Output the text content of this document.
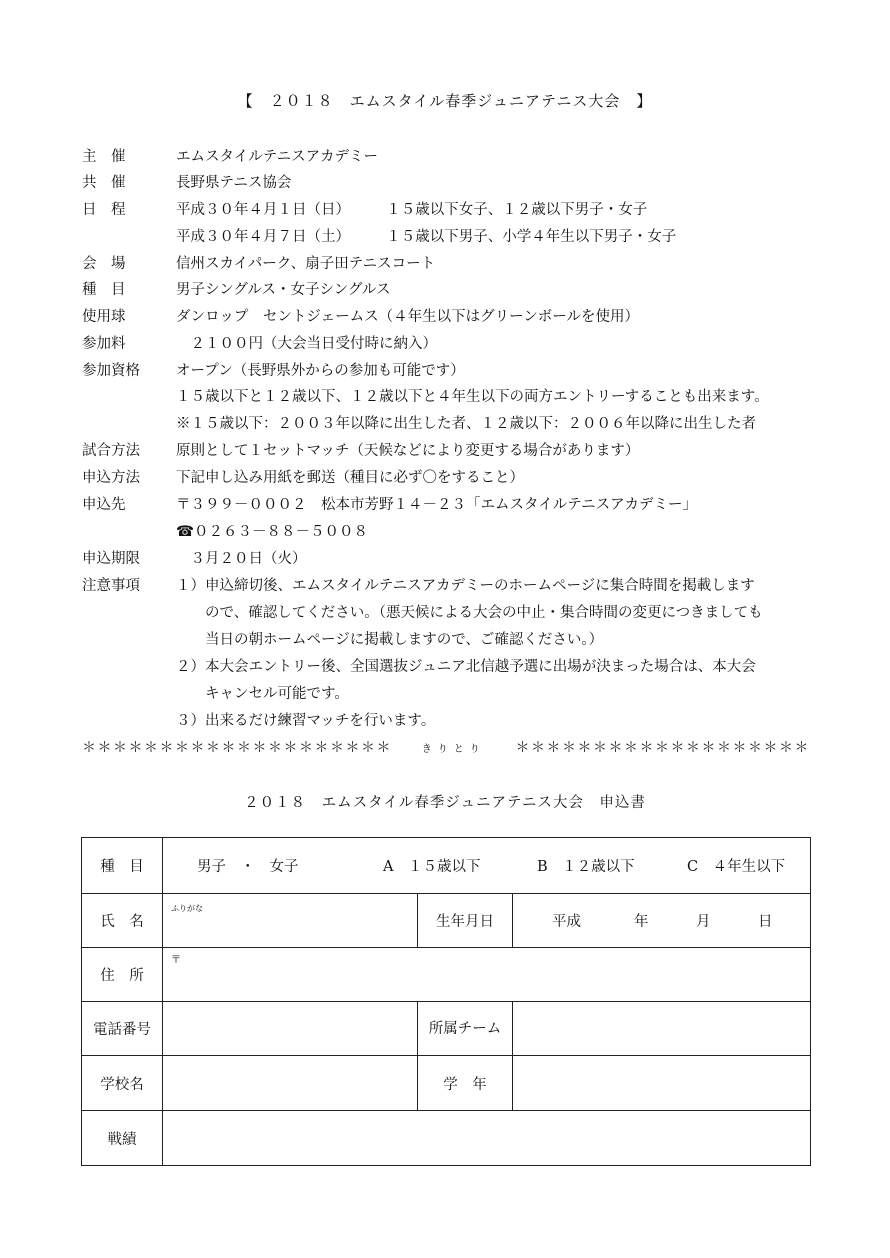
【　２０１８　エムスタイル春季ジュニアテニス大会　】
主　催	エムスタイルテニスアカデミー
共　催	長野県テニス協会
日　程	平成３０年４月１日（日）　　　１５歳以下女子、１２歳以下男子・女子
平成３０年４月７日（土）　　　１５歳以下男子、小学４年生以下男子・女子
会　場	信州スカイパーク、扇子田テニスコート
種　目	男子シングルス・女子シングルス
使用球	ダンロップ　セントジェームス（４年生以下はグリーンボールを使用）
参加料	　２１００円（大会当日受付時に納入）
参加資格 オープン（長野県外からの参加も可能です）
１５歳以下と１２歳以下、１２歳以下と４年生以下の両方エントリーすることも出来ます。
※１５歳以下：２００３年以降に出生した者、１２歳以下：２００６年以降に出生した者
試合方法 原則として１セットマッチ（天候などにより変更する場合があります）
申込方法 下記申し込み用紙を郵送（種目に必ず〇をすること）
申込先	〒３９９－０００２　松本市芳野１４－２３「エムスタイルテニスアカデミー」
☎０２６３－８８－５００８
申込期限 　３月２０日（火）
注意事項 １）申込締切後、エムスタイルテニスアカデミーのホームページに集合時間を掲載します
　　ので、確認してください。（悪天候による大会の中止・集合時間の変更につきましても
　　当日の朝ホームページに掲載しますので、ご確認ください。）
２）本大会エントリー後、全国選抜ジュニア北信越予選に出場が決まった場合は、本大会
　　キャンセル可能です。
３）出来るだけ練習マッチを行います。
＊＊＊＊＊＊＊＊＊＊＊＊＊＊＊＊＊＊＊＊	きりとり ＊＊＊＊＊＊＊＊＊＊＊＊＊＊＊＊＊＊＊
２０１８　エムスタイル春季ジュニアテニス大会　申込書
種　目	男子　・　女子 A　１５歳以下 B　１２歳以下 C　４年生以下		

氏　名	$^{ふりがな}$	生年月日	平成 年 月 日

住　所	〒
電話番号		所属チーム	
学校名		学　年	
戦績			
